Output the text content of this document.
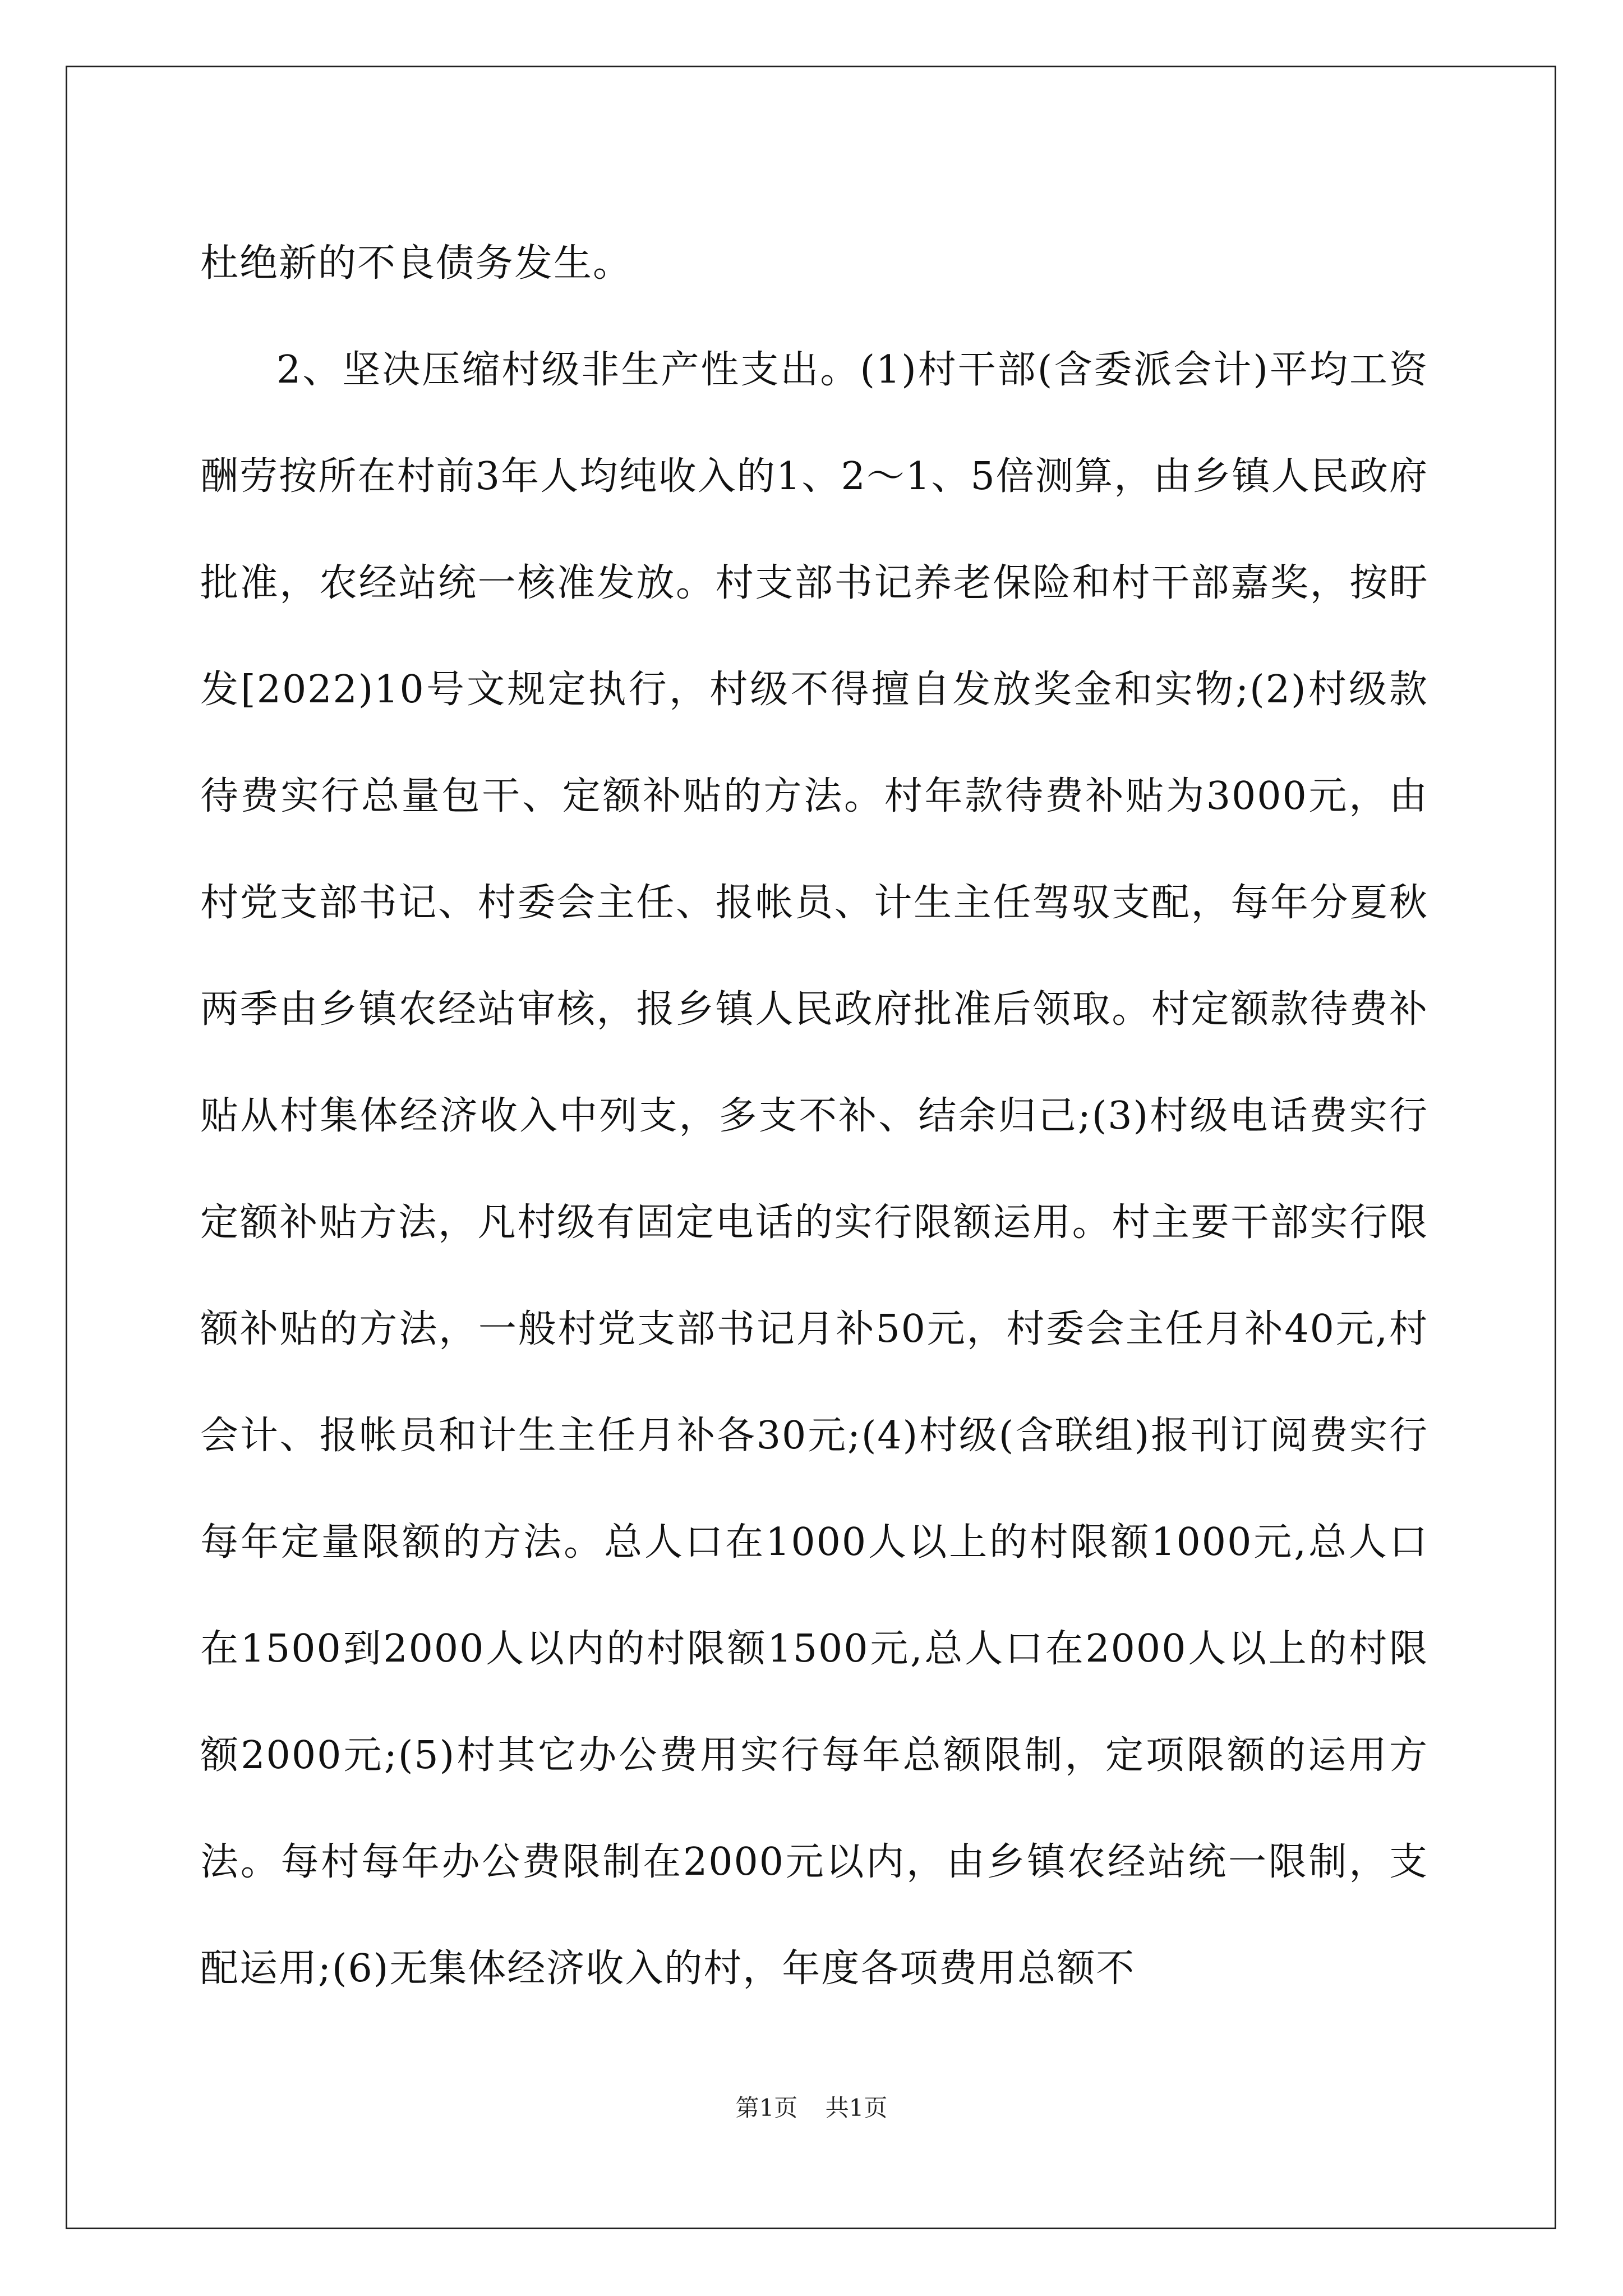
杜绝新的不良债务发生。

2、坚决压缩村级非生产性支出。(1)村干部(含委派会计)平均工资酬劳按所在村前3年人均纯收入的1、2～1、5倍测算，由乡镇人民政府批准，农经站统一核准发放。村支部书记养老保险和村干部嘉奖，按盱发[2022)10号文规定执行，村级不得擅自发放奖金和实物;(2)村级款待费实行总量包干、定额补贴的方法。村年款待费补贴为3000元，由村党支部书记、村委会主任、报帐员、计生主任驾驭支配，每年分夏秋两季由乡镇农经站审核，报乡镇人民政府批准后领取。村定额款待费补贴从村集体经济收入中列支，多支不补、结余归己;(3)村级电话费实行定额补贴方法，凡村级有固定电话的实行限额运用。村主要干部实行限额补贴的方法，一般村党支部书记月补50元，村委会主任月补40元,村会计、报帐员和计生主任月补各30元;(4)村级(含联组)报刊订阅费实行每年定量限额的方法。总人口在1000人以上的村限额1000元,总人口在1500到2000人以内的村限额1500元,总人口在2000人以上的村限额2000元;(5)村其它办公费用实行每年总额限制，定项限额的运用方法。每村每年办公费限制在2000元以内，由乡镇农经站统一限制，支配运用;(6)无集体经济收入的村，年度各项费用总额不

第1页 共1页
